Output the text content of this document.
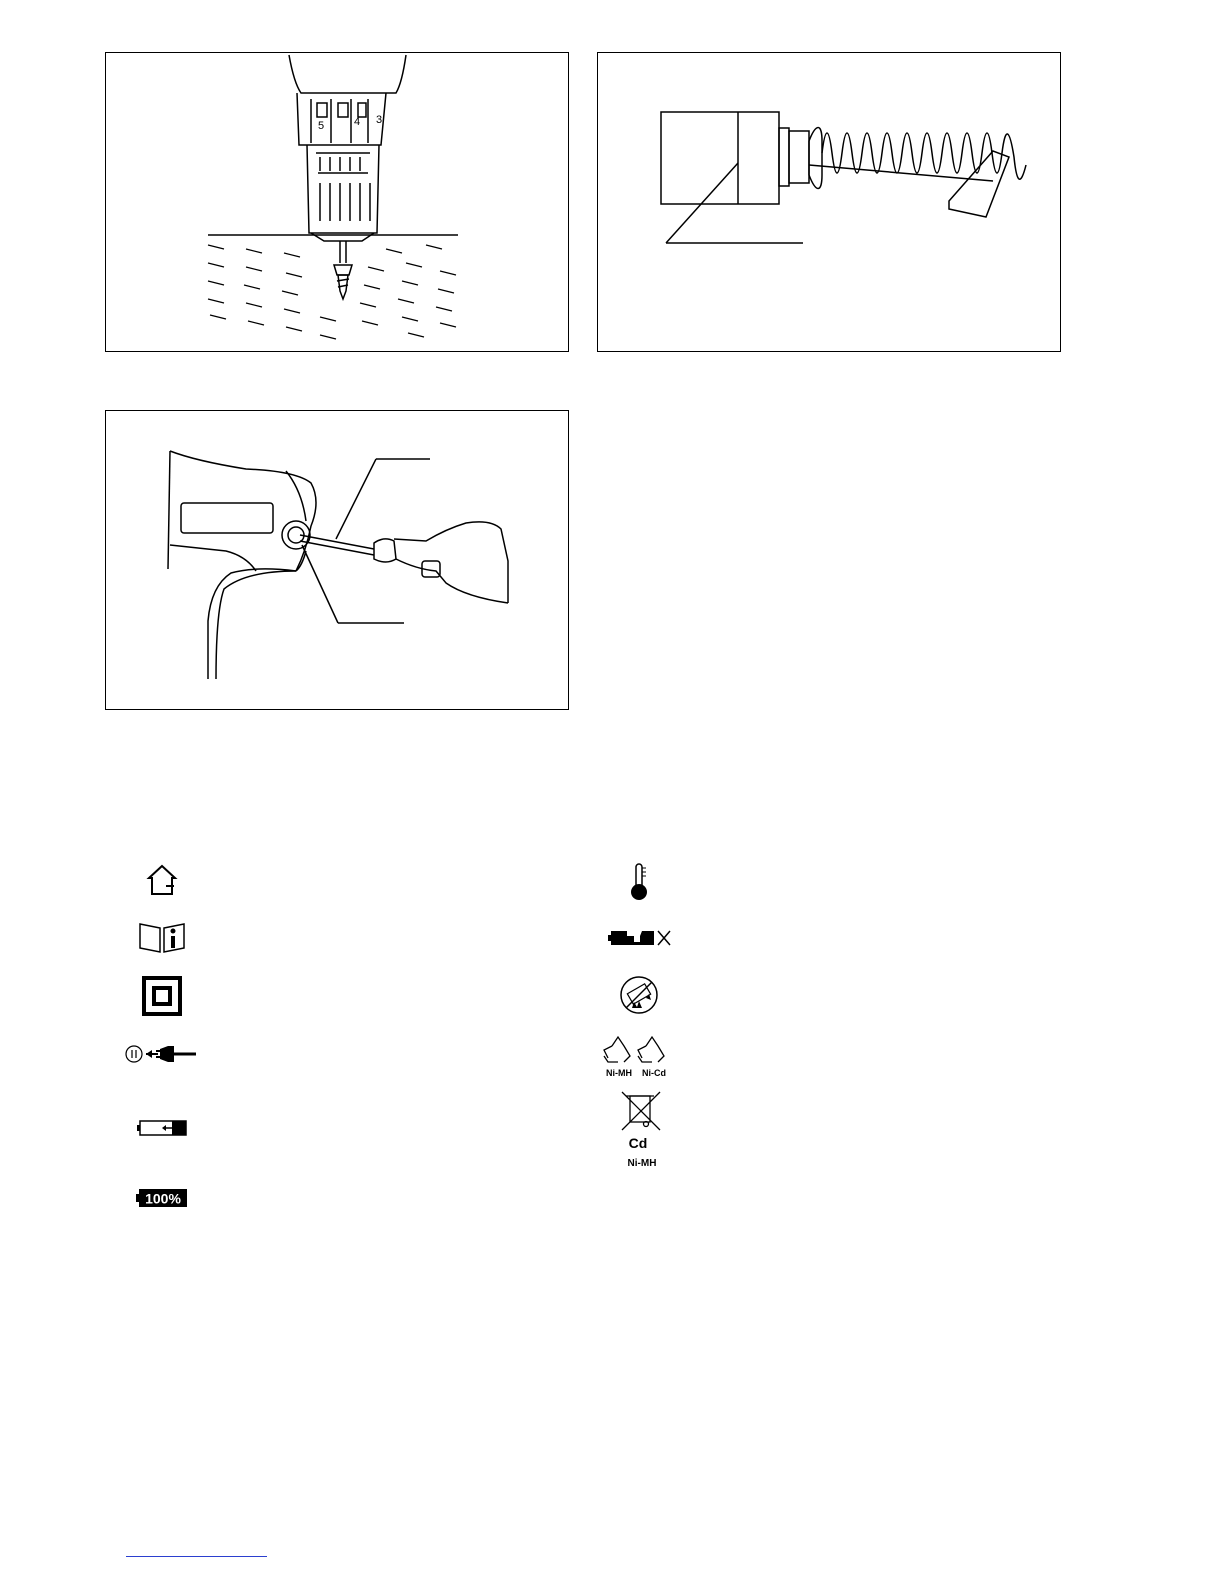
5	4 3
100%
Ni-MH Ni-Cd
Cd
Ni-MH
